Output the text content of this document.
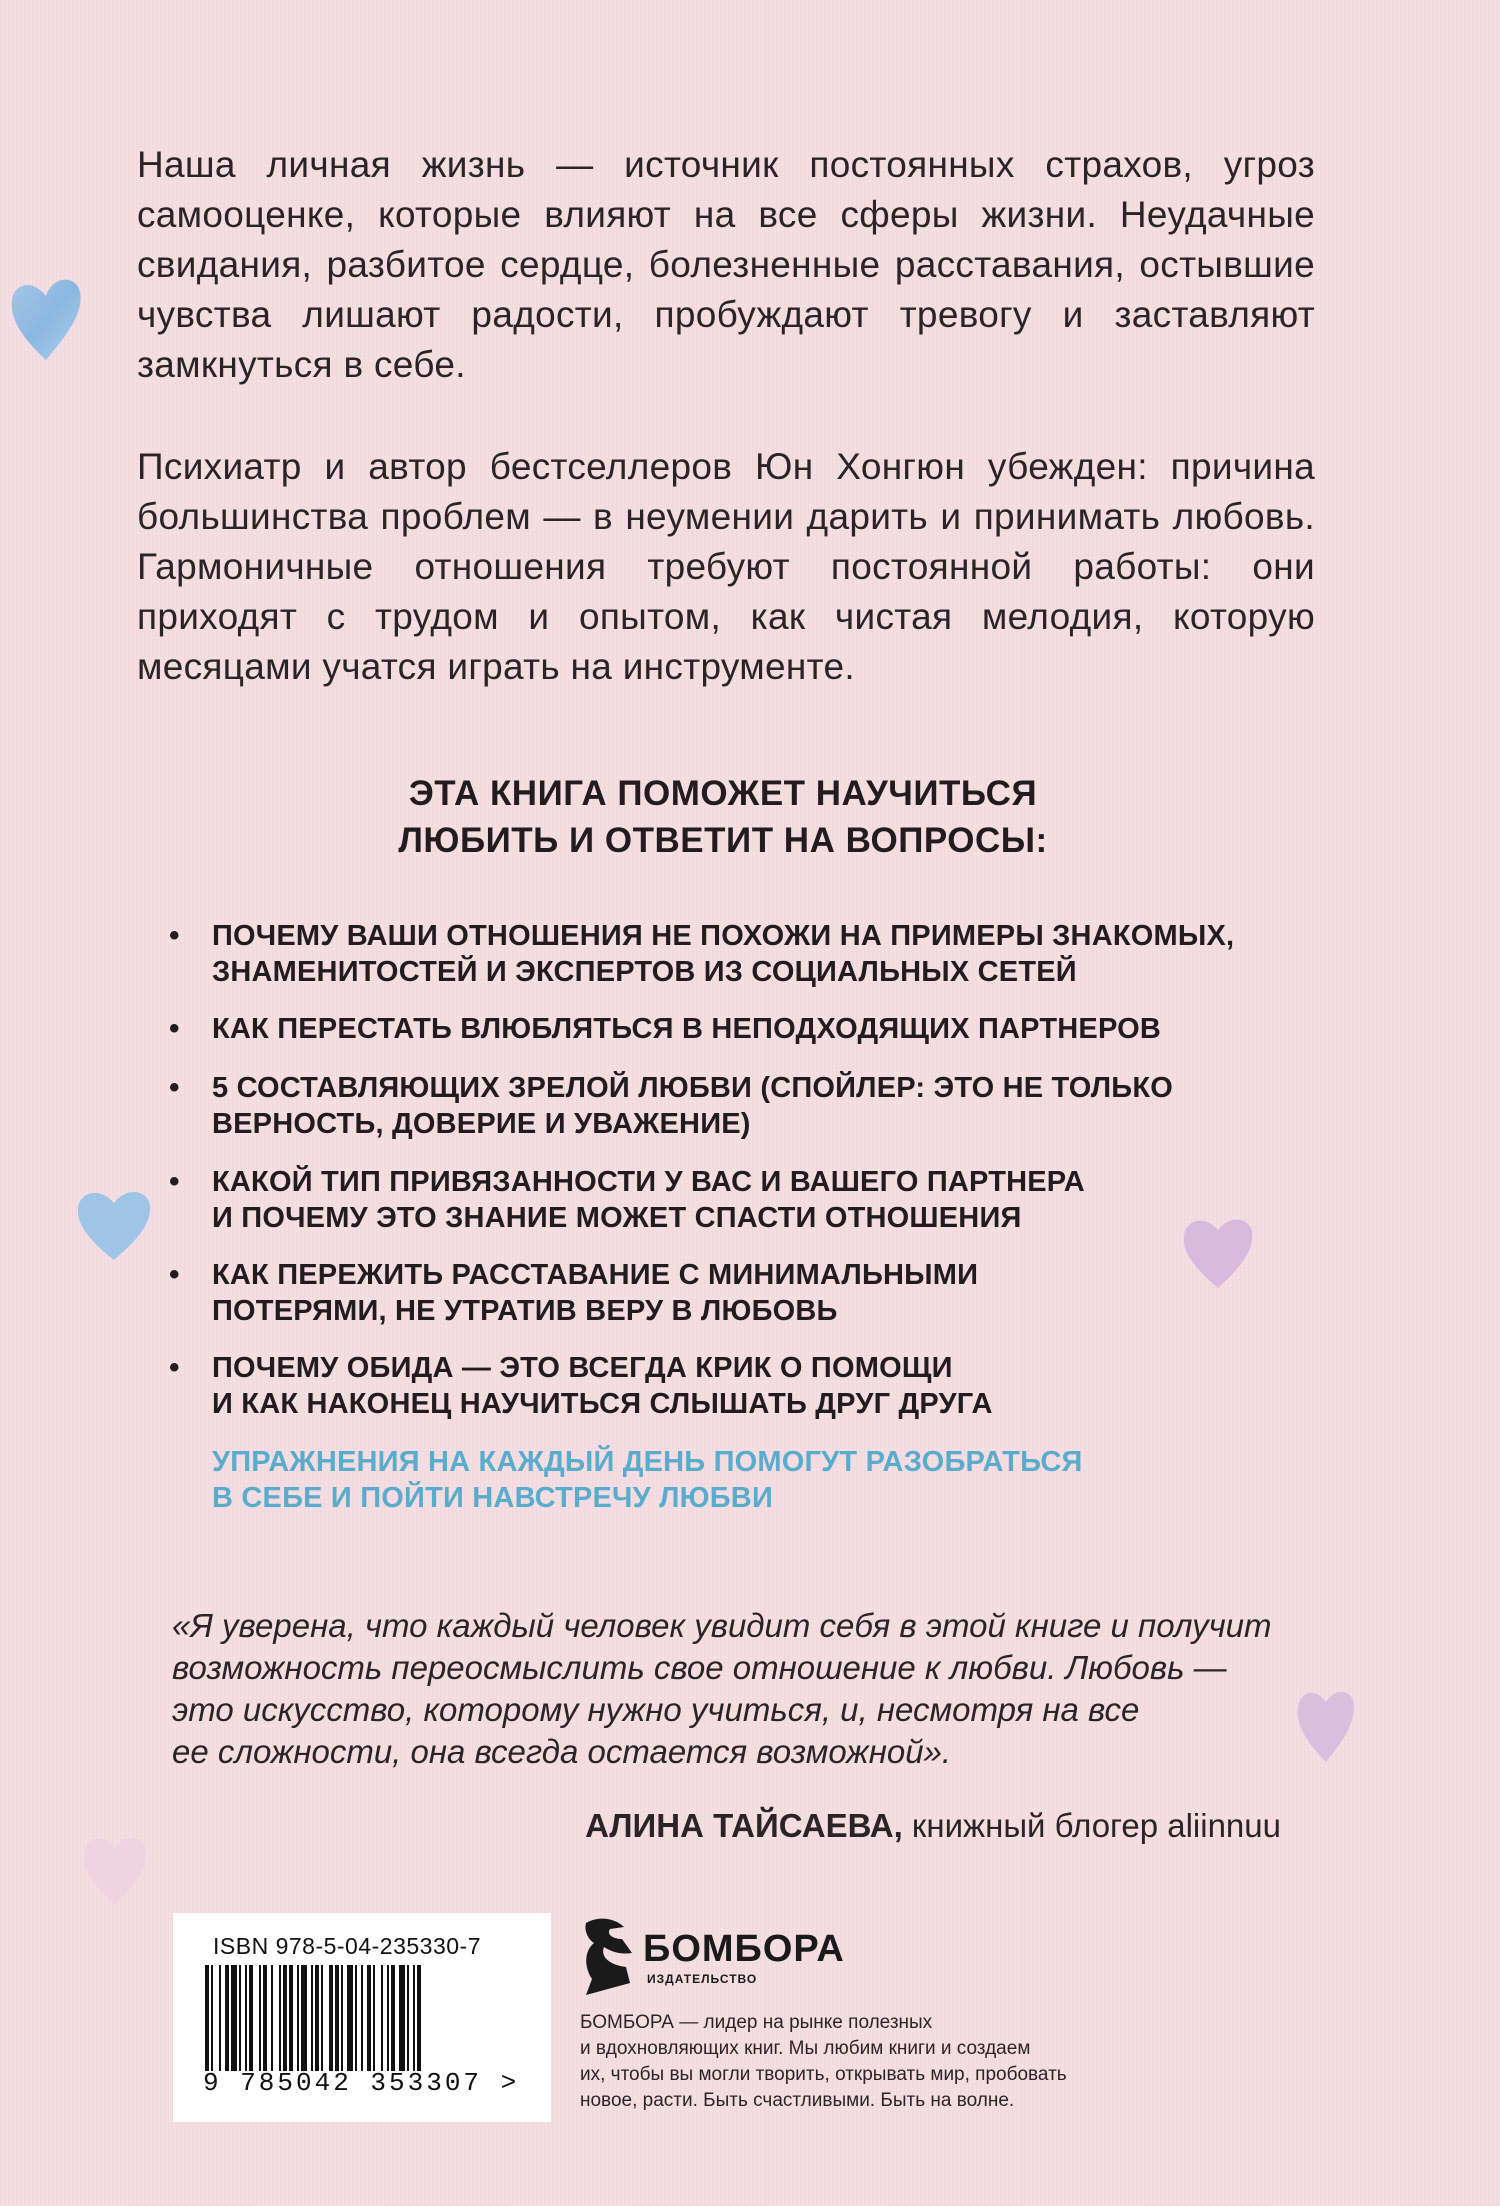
Наша личная жизнь — источник постоянных страхов, угроз самооценке, которые влияют на все сферы жизни. Неудачные свидания, разбитое сердце, болезненные расставания, остывшие чувства лишают радости, пробуждают тревогу и заставляют замкнуться в себе.
Психиатр и автор бестселлеров Юн Хонгюн убежден: причина большинства проблем — в неумении дарить и принимать любовь. Гармоничные отношения требуют постоянной работы: они приходят с трудом и опытом, как чистая мелодия, которую месяцами учатся играть на инструменте.
ЭТА КНИГА ПОМОЖЕТ НАУЧИТЬСЯ
ЛЮБИТЬ И ОТВЕТИТ НА ВОПРОСЫ:
• ПОЧЕМУ ВАШИ ОТНОШЕНИЯ НЕ ПОХОЖИ НА ПРИМЕРЫ ЗНАКОМЫХ,
ЗНАМЕНИТОСТЕЙ И ЭКСПЕРТОВ ИЗ СОЦИАЛЬНЫХ СЕТЕЙ
• КАК ПЕРЕСТАТЬ ВЛЮБЛЯТЬСЯ В НЕПОДХОДЯЩИХ ПАРТНЕРОВ
• 5 СОСТАВЛЯЮЩИХ ЗРЕЛОЙ ЛЮБВИ (СПОЙЛЕР: ЭТО НЕ ТОЛЬКО
ВЕРНОСТЬ, ДОВЕРИЕ И УВАЖЕНИЕ)
• КАКОЙ ТИП ПРИВЯЗАННОСТИ У ВАС И ВАШЕГО ПАРТНЕРА
И ПОЧЕМУ ЭТО ЗНАНИЕ МОЖЕТ СПАСТИ ОТНОШЕНИЯ
• КАК ПЕРЕЖИТЬ РАССТАВАНИЕ С МИНИМАЛЬНЫМИ
ПОТЕРЯМИ, НЕ УТРАТИВ ВЕРУ В ЛЮБОВЬ
• ПОЧЕМУ ОБИДА — ЭТО ВСЕГДА КРИК О ПОМОЩИ
И КАК НАКОНЕЦ НАУЧИТЬСЯ СЛЫШАТЬ ДРУГ ДРУГА
УПРАЖНЕНИЯ НА КАЖДЫЙ ДЕНЬ ПОМОГУТ РАЗОБРАТЬСЯ
В СЕБЕ И ПОЙТИ НАВСТРЕЧУ ЛЮБВИ
«Я уверена, что каждый человек увидит себя в этой книге и получит
возможность переосмыслить свое отношение к любви. Любовь —
это искусство, которому нужно учиться, и, несмотря на все
ее сложности, она всегда остается возможной».
АЛИНА ТАЙСАЕВА, книжный блогер aliinnuu
ISBN 978-5-04-235330-7
9 785042 353307 >
БОМБОРА
ИЗДАТЕЛЬСТВО
БОМБОРА — лидер на рынке полезных
и вдохновляющих книг. Мы любим книги и создаем
их, чтобы вы могли творить, открывать мир, пробовать
новое, расти. Быть счастливыми. Быть на волне.
